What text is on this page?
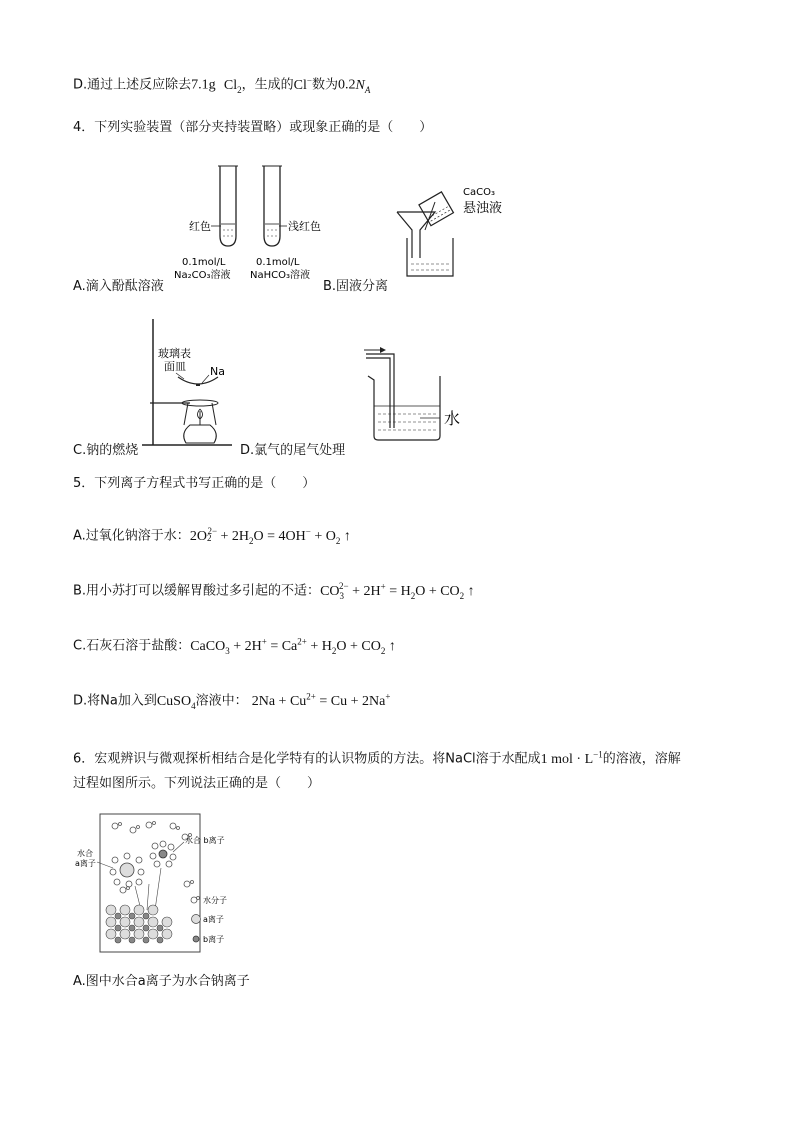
D.通过上述反应除去7.1g $Cl_2$，生成的Cl−数为$0.2N_A$
4．下列实验装置（部分夹持装置略）或现象正确的是（　　）
红色	浅红色
0.1mol/L
Na₂CO₃溶液
0.1mol/L
NaHCO₃溶液
A.滴入酚酞溶液
CaCO₃
悬浊液
B.固液分离
玻璃表
面皿 Na
C.钠的燃烧
水
D.氯气的尾气处理
5．下列离子方程式书写正确的是（　　）
A.过氧化钠溶于水：$2O_2^{2-} + 2H_2O = 4OH^- + O_2$ ↑
B.用小苏打可以缓解胃酸过多引起的不适：$CO_3^{2-} + 2H^+ = H_2O + CO_2$ ↑
C.石灰石溶于盐酸：CaCO$_3$ + $2H^+ = Ca^{2+} + H_2O + CO_2$ ↑
D.将Na加入到CuSO$_4$溶液中： $2Na + Cu^{2+} = Cu + 2Na^+$
6．宏观辨识与微观探析相结合是化学特有的认识物质的方法。将NaCl溶于水配成1 mol · $L^{-1}$的溶液，溶解
过程如图所示。下列说法正确的是（　　）
水合
a离子
水合 b离子
水分子
a离子
b离子
A.图中水合a离子为水合钠离子
